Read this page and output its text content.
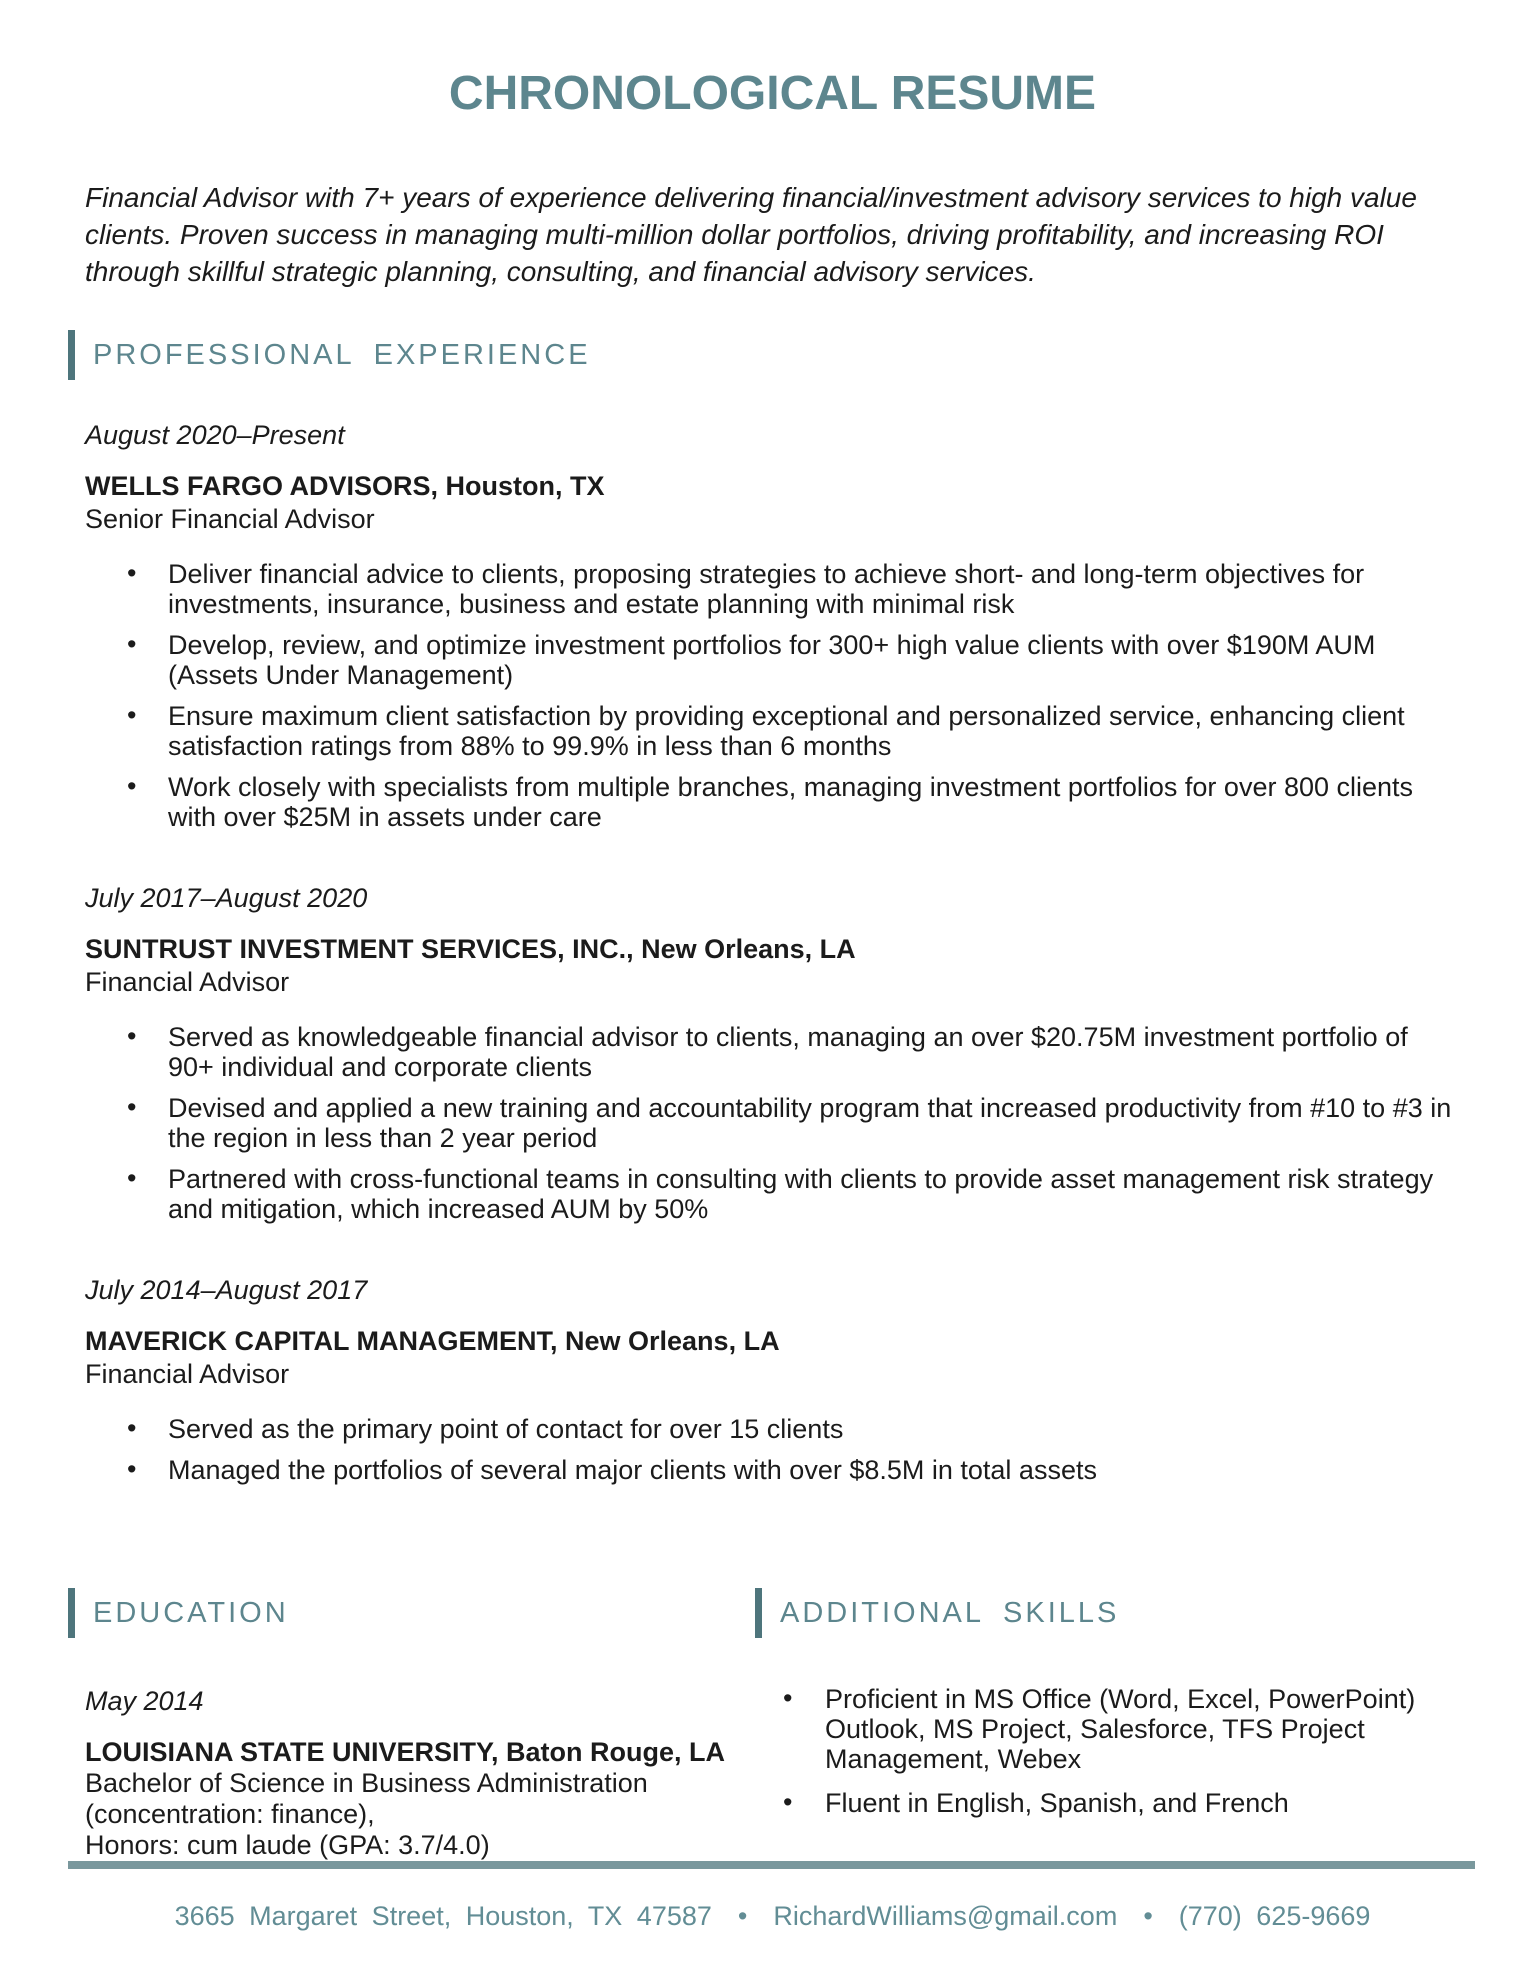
CHRONOLOGICAL RESUME

Financial Advisor with 7+ years of experience delivering financial/investment advisory services to high value clients. Proven success in managing multi-million dollar portfolios, driving profitability, and increasing ROI through skillful strategic planning, consulting, and financial advisory services.

PROFESSIONAL EXPERIENCE
August 2020–Present
WELLS FARGO ADVISORS, Houston, TX
Senior Financial Advisor
• Deliver financial advice to clients, proposing strategies to achieve short- and long-term objectives for investments, insurance, business and estate planning with minimal risk
• Develop, review, and optimize investment portfolios for 300+ high value clients with over $190M AUM (Assets Under Management)
• Ensure maximum client satisfaction by providing exceptional and personalized service, enhancing client satisfaction ratings from 88% to 99.9% in less than 6 months
• Work closely with specialists from multiple branches, managing investment portfolios for over 800 clients with over $25M in assets under care
July 2017–August 2020
SUNTRUST INVESTMENT SERVICES, INC., New Orleans, LA
Financial Advisor
• Served as knowledgeable financial advisor to clients, managing an over $20.75M investment portfolio of 90+ individual and corporate clients
• Devised and applied a new training and accountability program that increased productivity from #10 to #3 in the region in less than 2 year period
• Partnered with cross-functional teams in consulting with clients to provide asset management risk strategy and mitigation, which increased AUM by 50%
July 2014–August 2017
MAVERICK CAPITAL MANAGEMENT, New Orleans, LA
Financial Advisor
• Served as the primary point of contact for over 15 clients
• Managed the portfolios of several major clients with over $8.5M in total assets
EDUCATION
May 2014
LOUISIANA STATE UNIVERSITY, Baton Rouge, LA
Bachelor of Science in Business Administration
(concentration: finance),
Honors: cum laude (GPA: 3.7/4.0)
ADDITIONAL SKILLS
• Proficient in MS Office (Word, Excel, PowerPoint) Outlook, MS Project, Salesforce, TFS Project Management, Webex
• Fluent in English, Spanish, and French
3665 Margaret Street, Houston, TX 47587 • RichardWilliams@gmail.com • (770) 625-9669
